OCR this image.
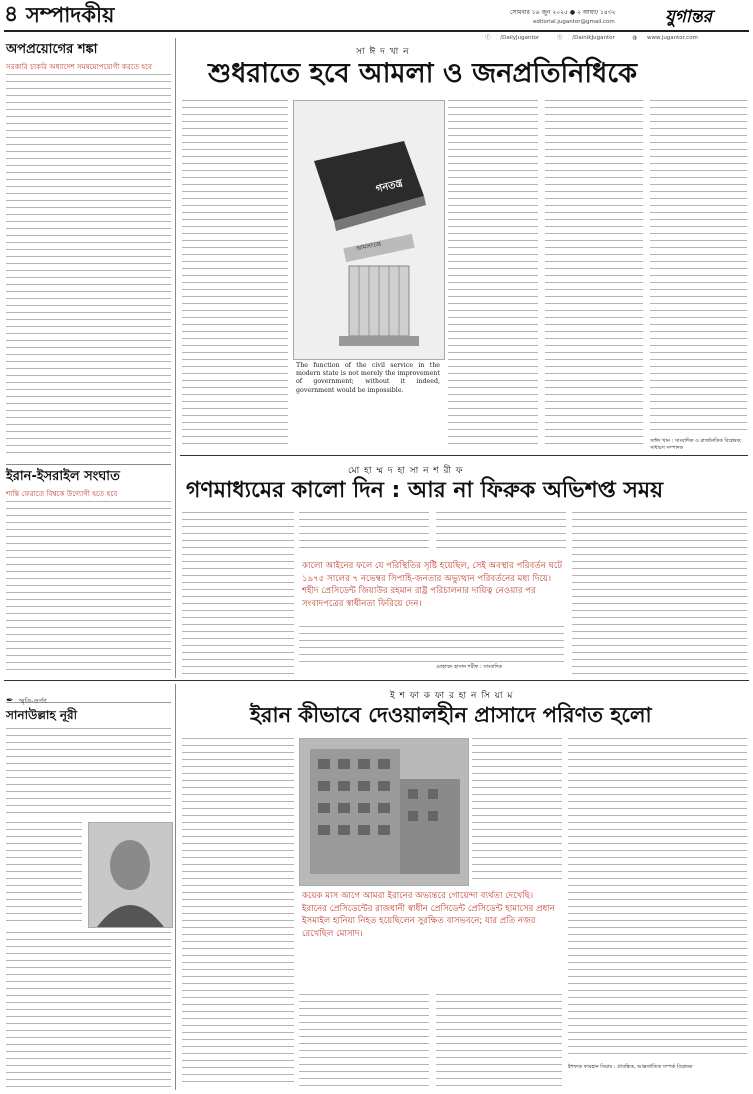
৪ সম্পাদকীয়	সোমবার ১৬ জুন ২০২৫ ● ২ আষাঢ় ১৪৩২
editorial.jugantor@gmail.com	যুগান্তর
ⓕ /DailyJugantor	ⓧ /DainikJugantor	◍ www.jugantor.com
অপপ্রয়োগের শঙ্কা
সরকারি চাকরি অধ্যাদেশ সমন্বয়োপযোগী করতে হবে
ইরান-ইসরাইল সংঘাত
শান্তি ফেরাতে বিশ্বকে উদ্যোগী হতে হবে
সা ঈ দ খা ন
শুধরাতে হবে আমলা ও জনপ্রতিনিধিকে
গনতন্ত্র
আমলাতন্ত্র
The function of the civil service in the modern state is not merely the improvement of government; without it indeed, government would be impossible.
সাঈদ খান : সাংবাদিক ও রাজনৈতিক বিশ্লেষক; সাধারণ সম্পাদক
মো হা ম্ম দ হা সা ন শ রী ফ
গণমাধ্যমের কালো দিন : আর না ফিরুক অভিশপ্ত সময়
কালো আইনের ফলে যে পরিস্থিতির সৃষ্টি হয়েছিল, সেই অবস্থার পরিবর্তন ঘটে ১৯৭৫ সালের ৭ নভেম্বর সিপাহি-জনতার অভ্যুত্থান পরিবর্তনের মধ্য দিয়ে। শহীদ প্রেসিডেন্ট জিয়াউর রহমান রাষ্ট্র পরিচালনার দায়িত্ব নেওয়ার পর সংবাদপত্রের স্বাধীনতা ফিরিয়ে দেন।
মোহাম্মদ হাসান শরীফ : সাংবাদিক
✒ স্মৃতি-তর্পণ
সানাউল্লাহ নূরী
ই শ ফা ক ফা র হা ন সি য়া ম
ইরান কীভাবে দেওয়ালহীন প্রাসাদে পরিণত হলো
কয়েক মাস আগে আমরা ইরানের অভ্যন্তরে গোয়েন্দা ব্যর্থতা দেখেছি। ইরানের প্রেসিডেন্টের রাজধানী স্বাধীন প্রেসিডেন্ট প্রেসিডেন্ট হামাসের প্রধান ইসমাইল হানিয়া নিহত হয়েছিলেন সুরক্ষিত বাসভবনে; যার প্রতি নজর রেখেছিল মোসাদ।
ইশফাক ফারহান সিয়াম : প্রাবন্ধিক, আন্তর্জাতিক সম্পর্ক বিশ্লেষক
